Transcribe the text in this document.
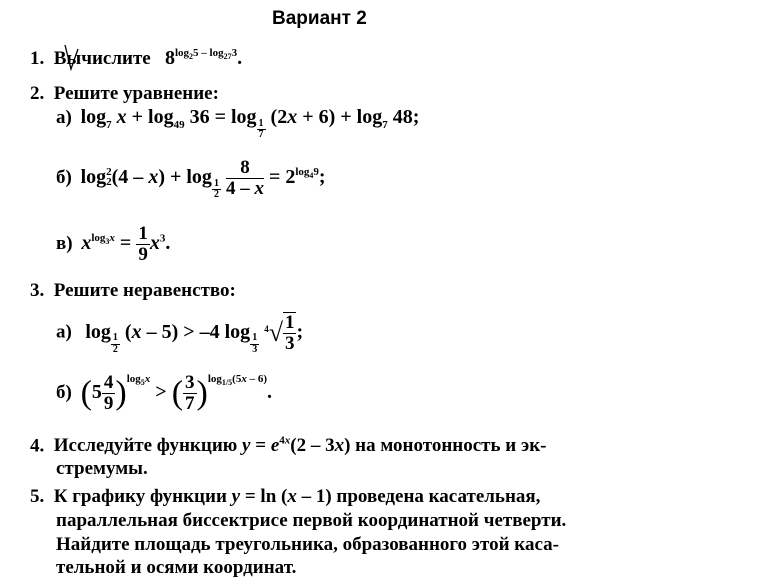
Вариант 2
1.  Вычислите   $8^{log_25 - log_{27}3}$.
2.  Решите уравнение:
а)  $\log_7 x + \log_{49} 36 = \log$
$\frac{1}{7}$
$(2x + 6) + \log_7 48$;
б)  log2
2(4 – x) + log
$\frac{1}{2}$
$\frac{8}{4 - x} = 2^{log_49}$;
в)  $x^{log_3x} = \frac{1}{9} x^3$.
3.  Решите неравенство:
а)   log
$\frac{1}{2}$
(x – 5) > –4 log
$\frac{1}{3}$
$^4√ \frac{1}{3}$ ;
б)  $(5 \frac{4}{9} )^{log_5x}$ > ( $\frac{3}{7} )^{log_{1/5}(5x - 6)}$.
4.  Исследуйте функцию $y = e^{4x}(2 - 3x)$ на монотонность и эк-
стремумы.
5.  К графику функции y = ln (x – 1) проведена касательная,
параллельная биссектрисе первой координатной четверти.
Найдите площадь треугольника, образованного этой каса-
тельной и осями координат.
